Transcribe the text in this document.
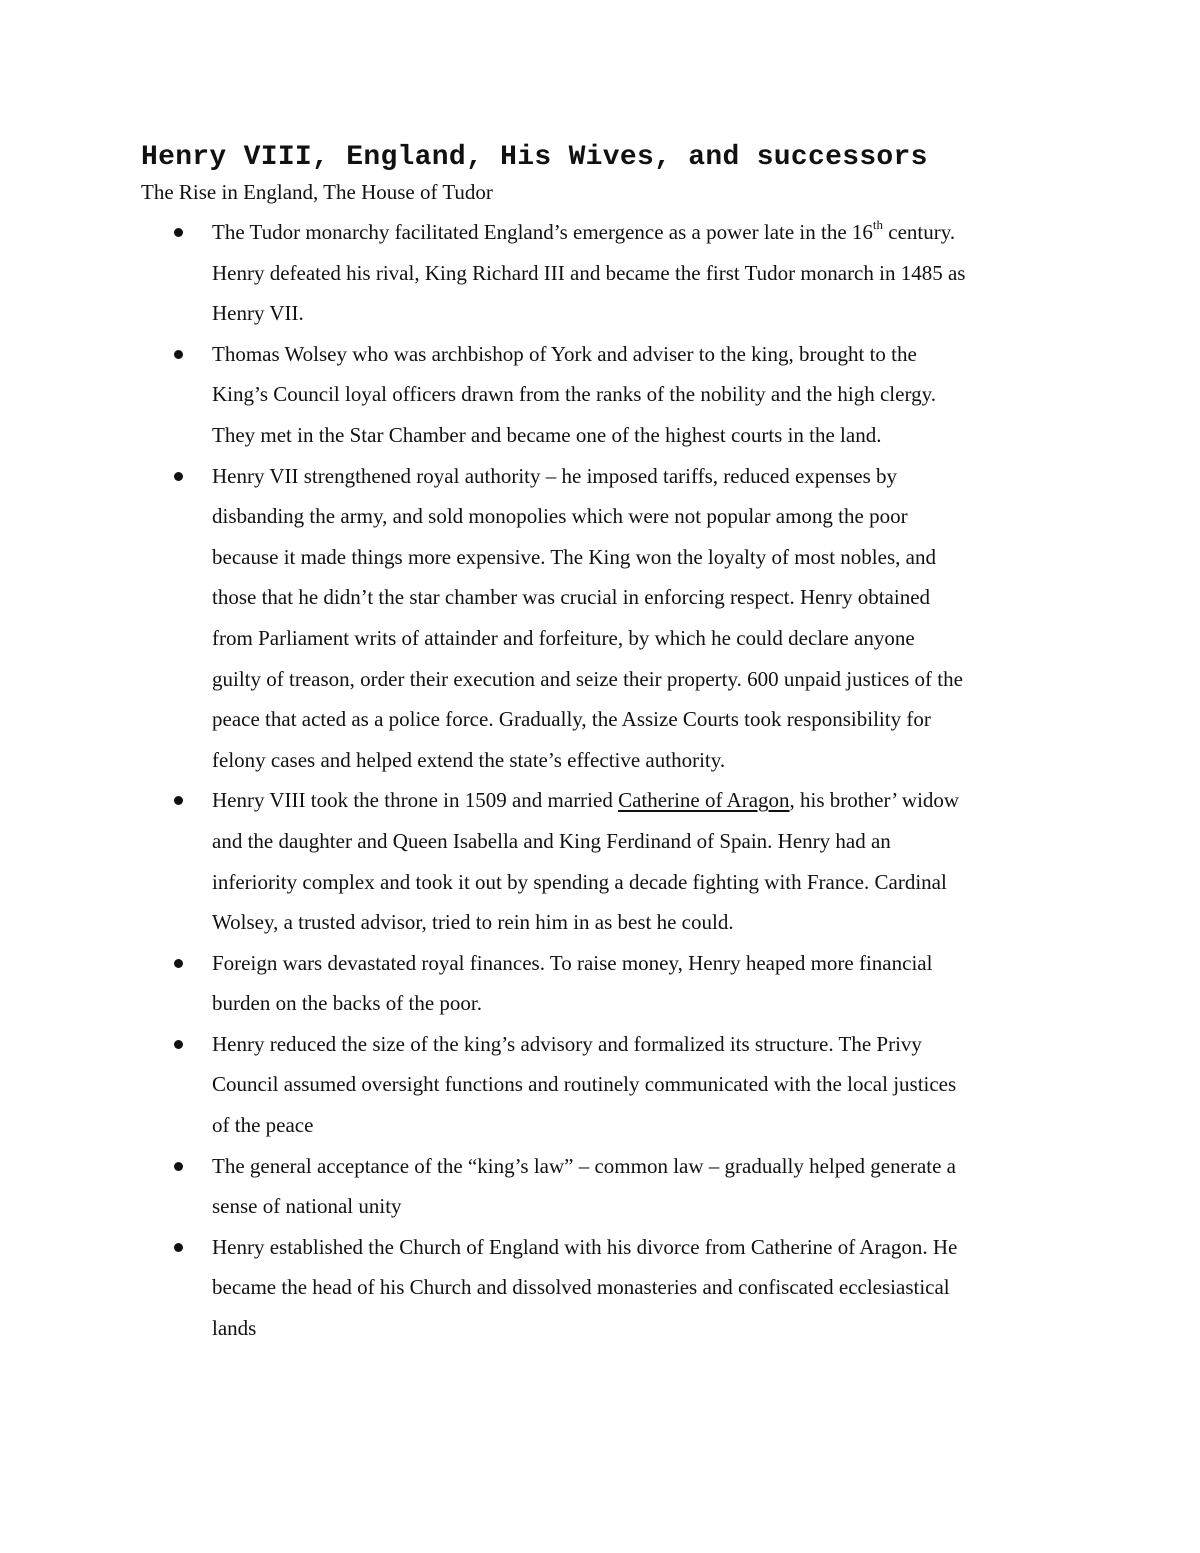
Henry VIII, England, His Wives, and successors

The Rise in England, The House of Tudor

The Tudor monarchy facilitated England’s emergence as a power late in the 16th century.
Henry defeated his rival, King Richard III and became the first Tudor monarch in 1485 as
Henry VII.
Thomas Wolsey who was archbishop of York and adviser to the king, brought to the
King’s Council loyal officers drawn from the ranks of the nobility and the high clergy.
They met in the Star Chamber and became one of the highest courts in the land.
Henry VII strengthened royal authority – he imposed tariffs, reduced expenses by
disbanding the army, and sold monopolies which were not popular among the poor
because it made things more expensive. The King won the loyalty of most nobles, and
those that he didn’t the star chamber was crucial in enforcing respect. Henry obtained
from Parliament writs of attainder and forfeiture, by which he could declare anyone
guilty of treason, order their execution and seize their property. 600 unpaid justices of the
peace that acted as a police force. Gradually, the Assize Courts took responsibility for
felony cases and helped extend the state’s effective authority.
Henry VIII took the throne in 1509 and married Catherine of Aragon, his brother’ widow
and the daughter and Queen Isabella and King Ferdinand of Spain. Henry had an
inferiority complex and took it out by spending a decade fighting with France. Cardinal
Wolsey, a trusted advisor, tried to rein him in as best he could.
Foreign wars devastated royal finances. To raise money, Henry heaped more financial
burden on the backs of the poor.
Henry reduced the size of the king’s advisory and formalized its structure. The Privy
Council assumed oversight functions and routinely communicated with the local justices
of the peace
The general acceptance of the “king’s law” – common law – gradually helped generate a
sense of national unity
Henry established the Church of England with his divorce from Catherine of Aragon. He
became the head of his Church and dissolved monasteries and confiscated ecclesiastical
lands
